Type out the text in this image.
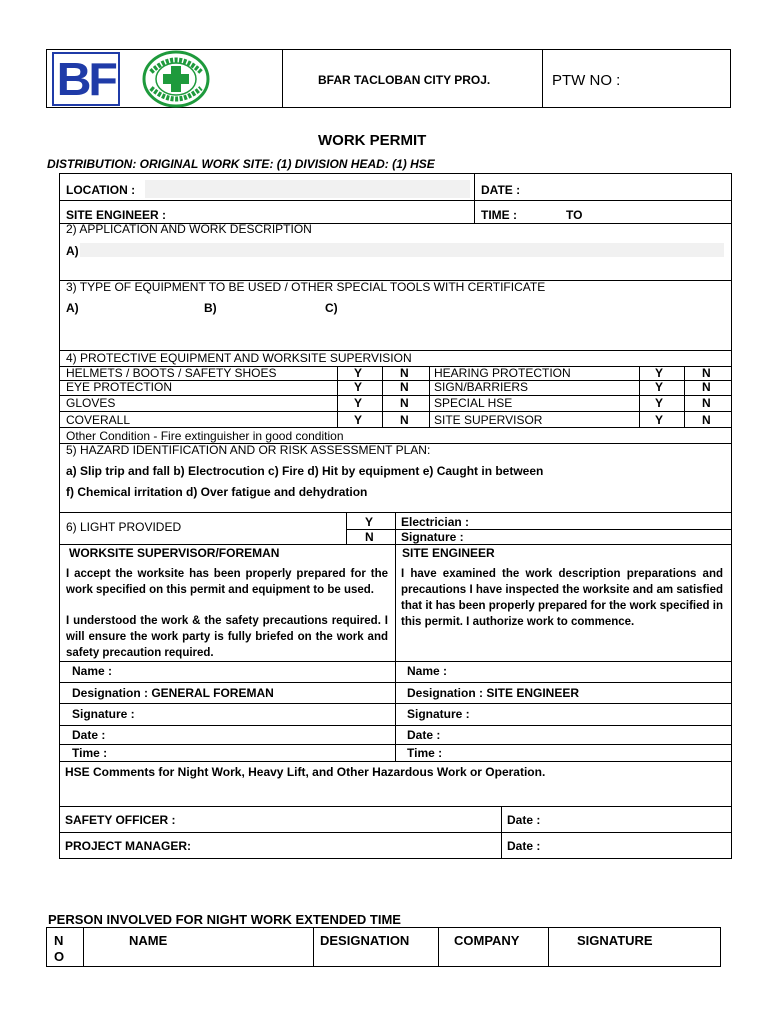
BF	BFAR TACLOBAN CITY PROJ.	PTW NO :
WORK PERMIT
DISTRIBUTION: ORIGINAL WORK SITE: (1) DIVISION HEAD: (1) HSE
LOCATION :	DATE :
SITE ENGINEER :	TIME :	TO
2) APPLICATION AND WORK DESCRIPTION
A)
3) TYPE OF EQUIPMENT TO BE USED / OTHER SPECIAL TOOLS WITH CERTIFICATE
A)	B)	C)
4) PROTECTIVE EQUIPMENT AND WORKSITE SUPERVISION
HELMETS / BOOTS / SAFETY SHOES	Y	N HEARING PROTECTION	Y	N
EYE PROTECTION	Y	N SIGN/BARRIERS	Y	N
GLOVES	Y	N SPECIAL HSE	Y	N
COVERALL	Y	N SITE SUPERVISOR	Y	N
Other Condition - Fire extinguisher in good condition
5) HAZARD IDENTIFICATION AND OR RISK ASSESSMENT PLAN:
a) Slip trip and fall b) Electrocution c) Fire d) Hit by equipment e) Caught in between
f) Chemical irritation d) Over fatigue and dehydration
6) LIGHT PROVIDED	Y
N
Electrician :
Signature :
WORKSITE SUPERVISOR/FOREMAN
I accept the worksite has been properly prepared for the work specified on this permit and equipment to be used.
I understood the work & the safety precautions required. I will ensure the work party is fully briefed on the work and safety precaution required.
SITE ENGINEER
I have examined the work description preparations and precautions I have inspected the worksite and am satisfied that it has been properly prepared for the work specified in this permit. I authorize work to commence.
Name :
Designation : GENERAL FOREMAN
Signature :
Date :
Time :
Name :
Designation : SITE ENGINEER
Signature :
Date :
Time :
HSE Comments for Night Work, Heavy Lift, and Other Hazardous Work or Operation.
SAFETY OFFICER :	Date :
PROJECT MANAGER:	Date :
PERSON INVOLVED FOR NIGHT WORK EXTENDED TIME
N
O
NAME	DESIGNATION	COMPANY	SIGNATURE
